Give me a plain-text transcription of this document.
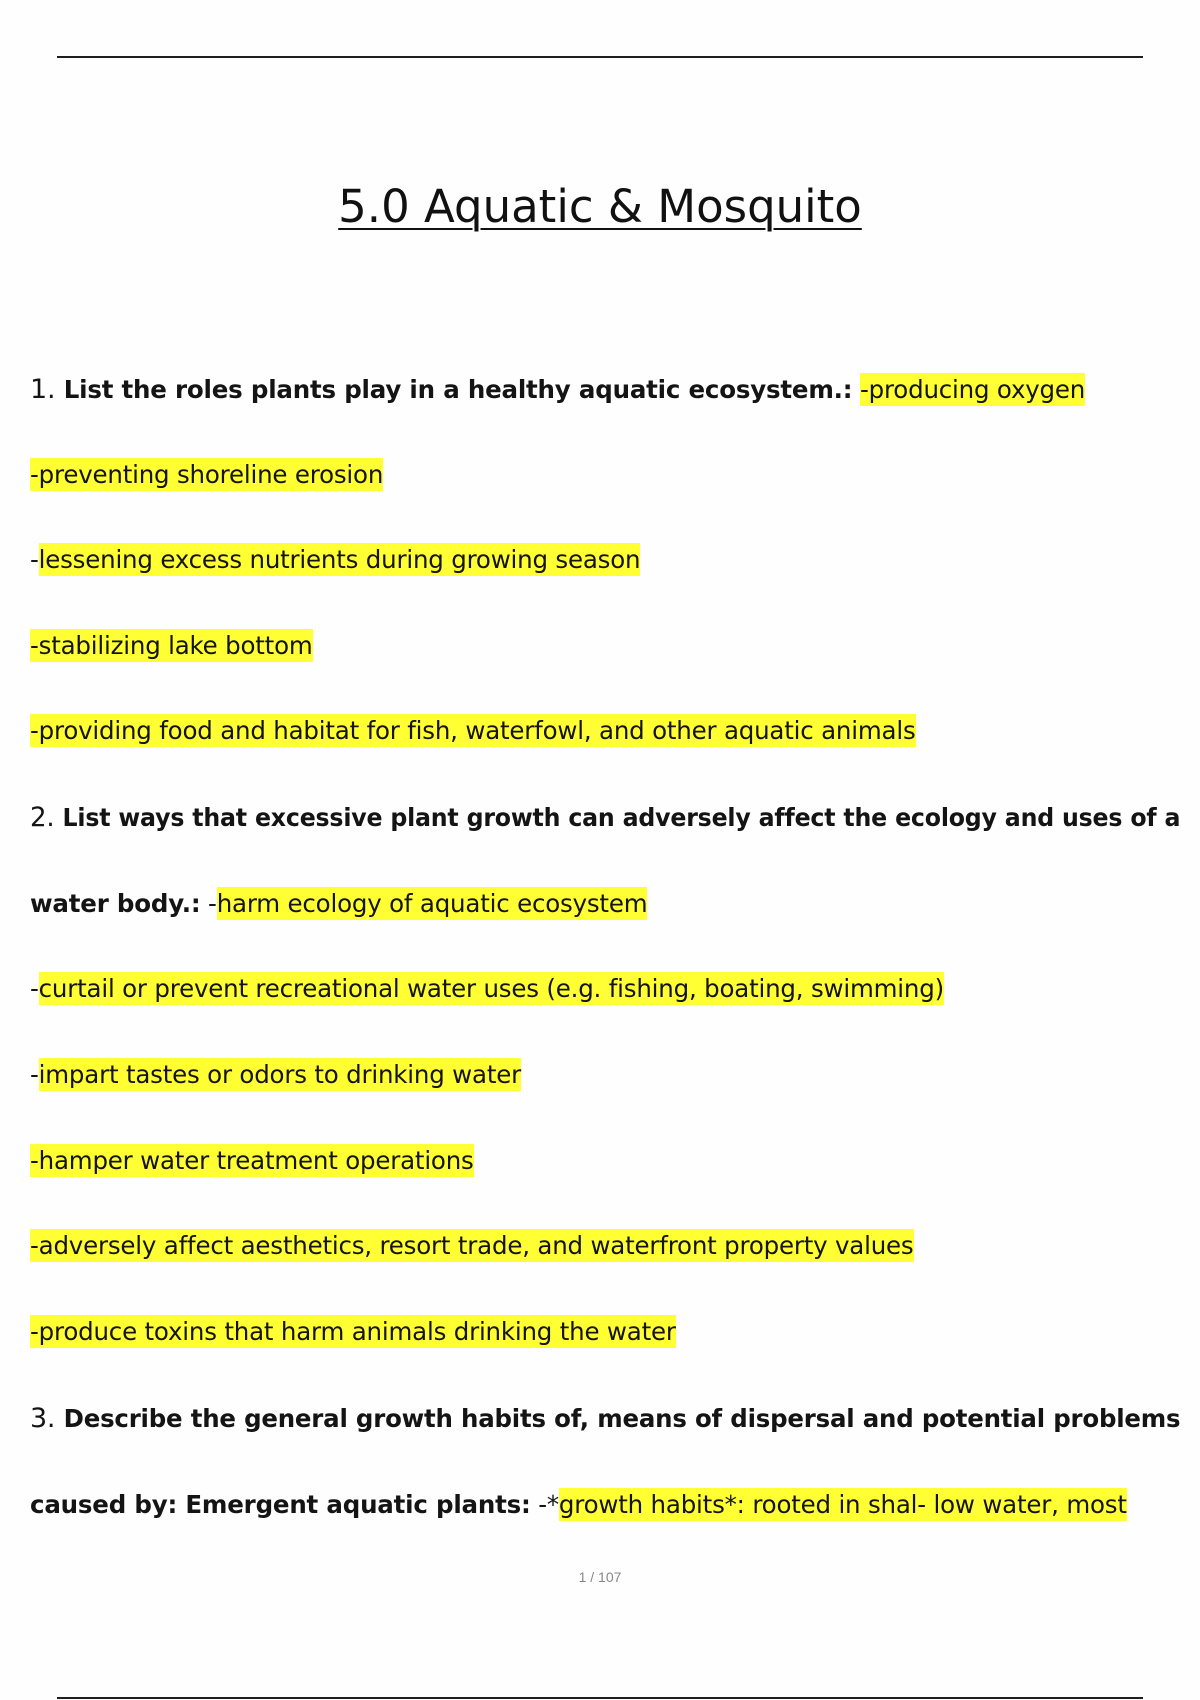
5.0 Aquatic & Mosquito
1. List the roles plants play in a healthy aquatic ecosystem.: -producing oxygen
-preventing shoreline erosion
-lessening excess nutrients during growing season
-stabilizing lake bottom
-providing food and habitat for fish, waterfowl, and other aquatic animals
2. List ways that excessive plant growth can adversely affect the ecology and uses of a
water body.: -harm ecology of aquatic ecosystem
-curtail or prevent recreational water uses (e.g. fishing, boating, swimming)
-impart tastes or odors to drinking water
-hamper water treatment operations
-adversely affect aesthetics, resort trade, and waterfront property values
-produce toxins that harm animals drinking the water
3. Describe the general growth habits of, means of dispersal and potential problems
caused by: Emergent aquatic plants: -*growth habits*: rooted in shal- low water, most
1 / 107
